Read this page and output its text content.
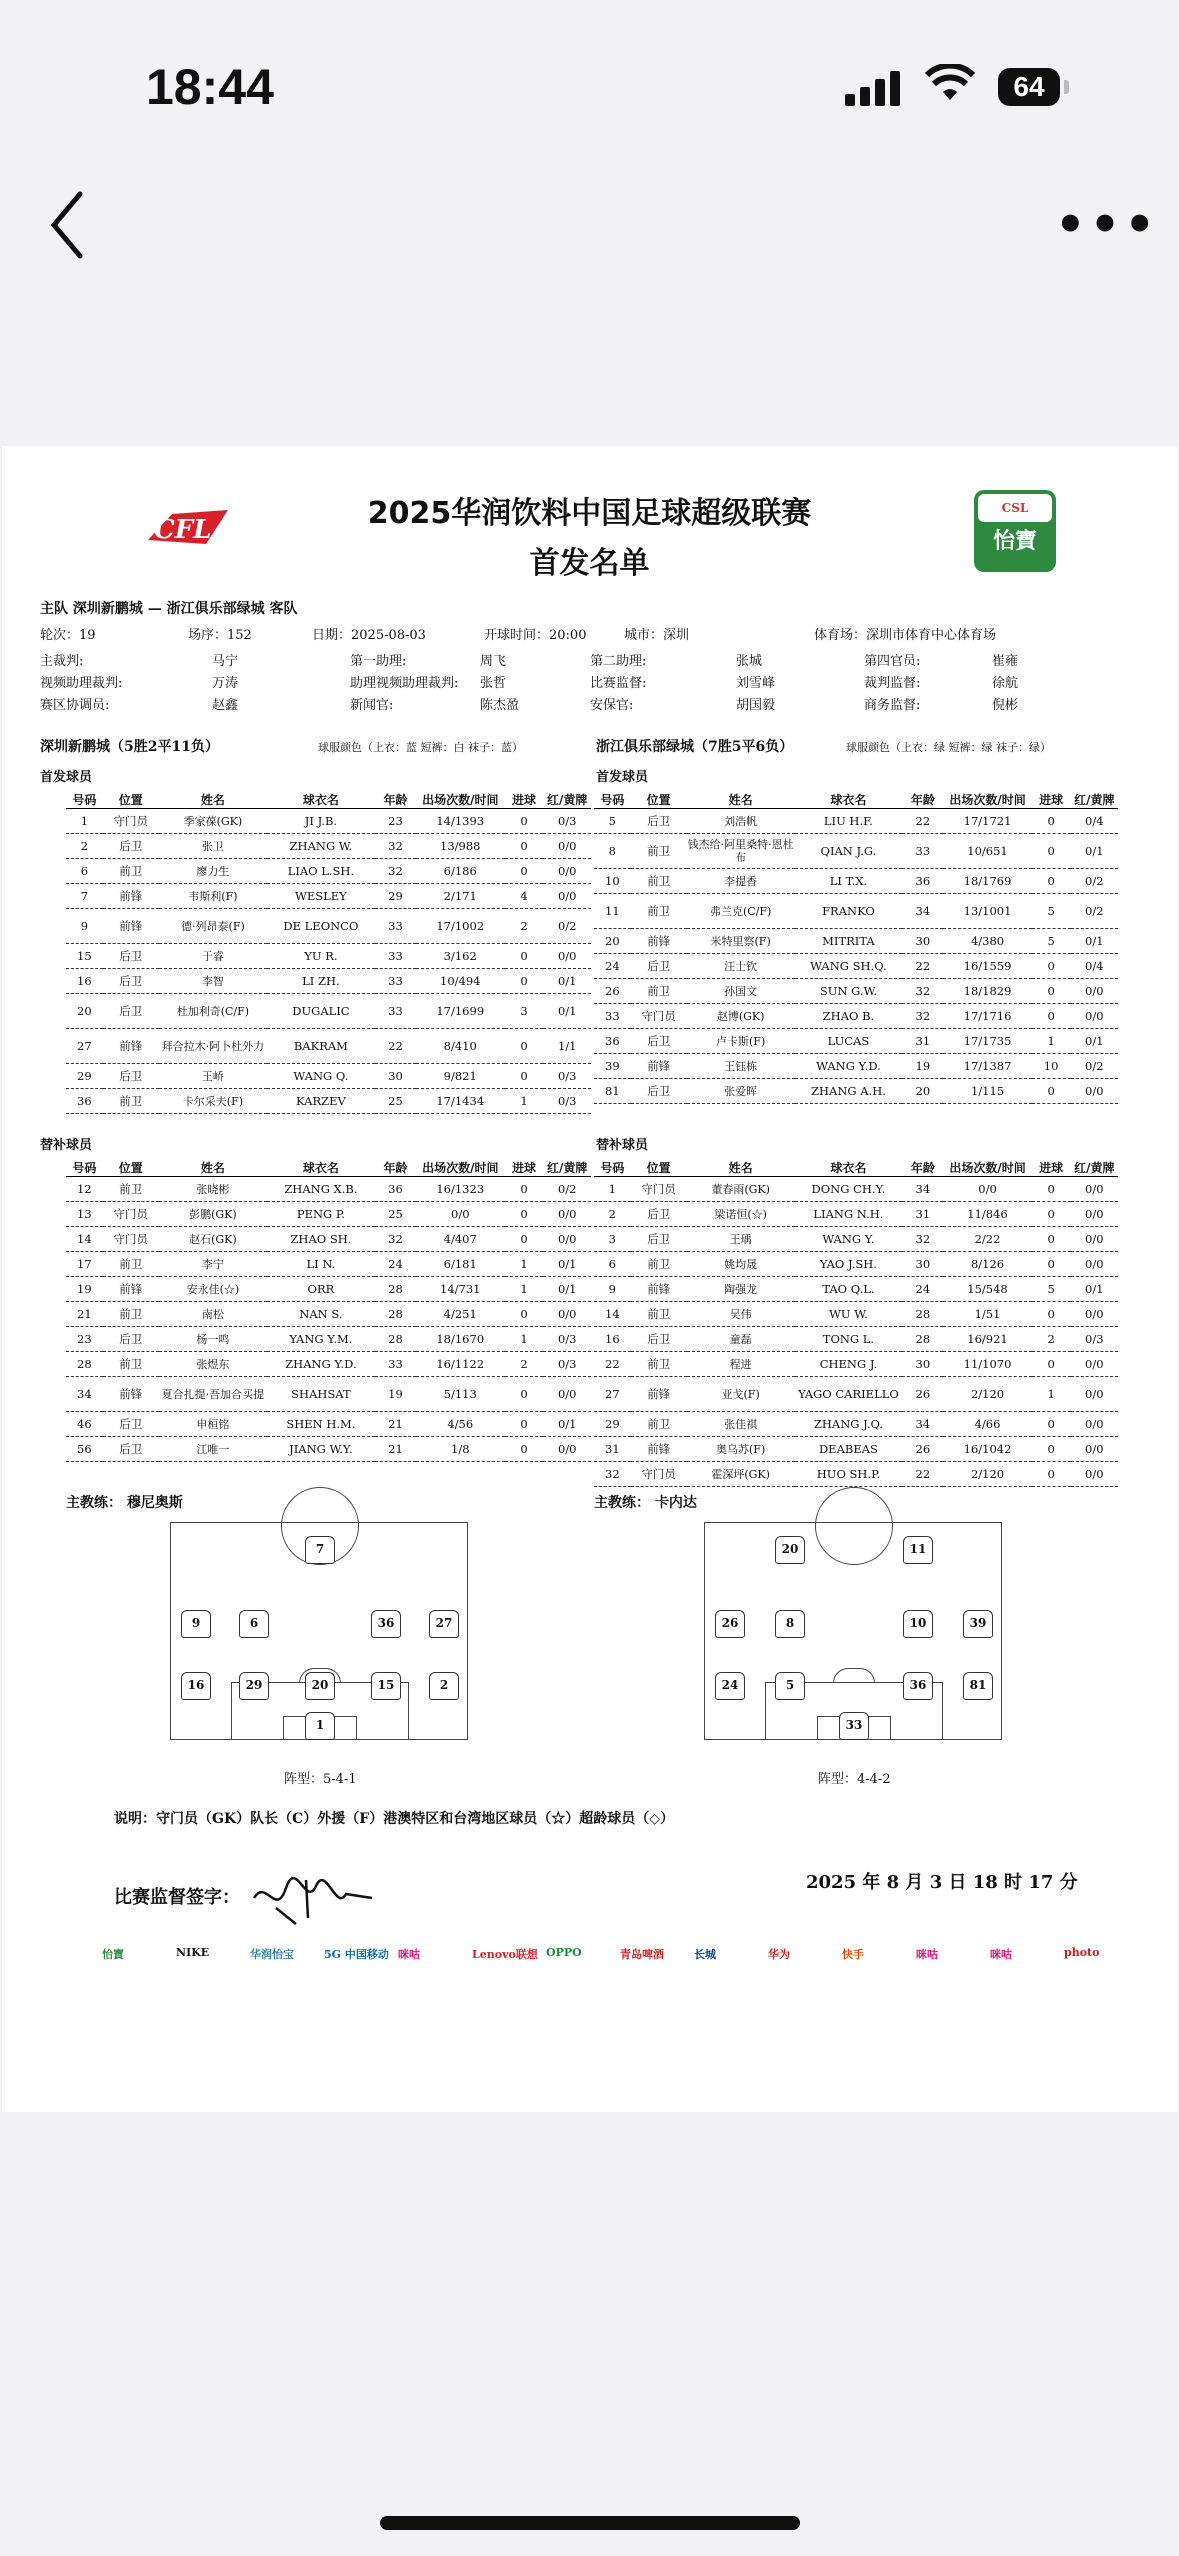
18:44	64
•••
CFL	2025华润饮料中国足球超级联赛
首发名单
CSL
怡寶
主队 深圳新鹏城 — 浙江俱乐部绿城 客队
轮次：19	场序：152	日期：2025-08-03	开球时间：20:00	城市：深圳	体育场：深圳市体育中心体育场
主裁判:	马宁	第一助理:	周飞	第二助理:	张城	第四官员:	崔雍
视频助理裁判:	万涛	助理视频助理裁判: 张哲	比赛监督:	刘雪峰	裁判监督:	徐航
赛区协调员:	赵鑫	新闻官:	陈杰盈	安保官:	胡国毅	商务监督:	倪彬
深圳新鹏城（5胜2平11负）	球服颜色（上衣：蓝 短裤：白 袜子：蓝）	浙江俱乐部绿城（7胜5平6负）	球服颜色（上衣：绿 短裤：绿 袜子：绿）
首发球员	首发球员
号码	位置	姓名	球衣名	年龄	出场次数/时间	进球	红/黄牌
1	守门员	季家葆(GK)	JI J.B.	23	14/1393	0	0/3
2	后卫	张卫	ZHANG W.	32	13/988	0	0/0
6	前卫	廖力生	LIAO L.SH.	32	6/186	0	0/0
7	前锋	韦斯利(F)	WESLEY	29	2/171	4	0/0
9	前锋	德·列昂泰(F)	DE LEONCO	33	17/1002	2	0/2
15	后卫	于睿	YU R.	33	3/162	0	0/0
16	后卫	李智	LI ZH.	33	10/494	0	0/1
20	后卫	杜加利奇(C/F)	DUGALIC	33	17/1699	3	0/1
27	前锋	拜合拉木·阿卜杜外力	BAKRAM	22	8/410	0	1/1
29	后卫	王峤	WANG Q.	30	9/821	0	0/3
36	前卫	卡尔采夫(F)	KARZEV	25	17/1434	1	0/3
号码	位置	姓名	球衣名	年龄	出场次数/时间	进球	红/黄牌
5	后卫	刘浩帆	LIU H.F.	22	17/1721	0	0/4
8	前卫	钱杰给·阿里桑特·恩杜布	QIAN J.G.	33	10/651	0	0/1
10	前卫	李提香	LI T.X.	36	18/1769	0	0/2
11	前卫	弗兰克(C/F)	FRANKO	34	13/1001	5	0/2
20	前锋	米特里察(F)	MITRITA	30	4/380	5	0/1
24	后卫	汪士钦	WANG SH.Q.	22	16/1559	0	0/4
26	前卫	孙国文	SUN G.W.	32	18/1829	0	0/0
33	守门员	赵博(GK)	ZHAO B.	32	17/1716	0	0/0
36	后卫	卢卡斯(F)	LUCAS	31	17/1735	1	0/1
39	前锋	王钰栋	WANG Y.D.	19	17/1387	10	0/2
81	后卫	张爱晖	ZHANG A.H.	20	1/115	0	0/0
替补球员	替补球员
号码	位置	姓名	球衣名	年龄	出场次数/时间	进球	红/黄牌
12	前卫	张晓彬	ZHANG X.B.	36	16/1323	0	0/2
13	守门员	彭鹏(GK)	PENG P.	25	0/0	0	0/0
14	守门员	赵石(GK)	ZHAO SH.	32	4/407	0	0/0
17	前卫	李宁	LI N.	24	6/181	1	0/1
19	前锋	安永佳(☆)	ORR	28	14/731	1	0/1
21	前卫	南松	NAN S.	28	4/251	0	0/0
23	后卫	杨一鸣	YANG Y.M.	28	18/1670	1	0/3
28	前卫	张煜东	ZHANG Y.D.	33	16/1122	2	0/3
34	前锋	夏合扎提·吾加合买提	SHAHSAT	19	5/113	0	0/0
46	后卫	申桓铭	SHEN H.M.	21	4/56	0	0/1
56	后卫	江唯一	JIANG W.Y.	21	1/8	0	0/0
号码	位置	姓名	球衣名	年龄	出场次数/时间	进球	红/黄牌
1	守门员	董春雨(GK)	DONG CH.Y.	34	0/0	0	0/0
2	后卫	梁诺恒(☆)	LIANG N.H.	31	11/846	0	0/0
3	后卫	王瑀	WANG Y.	32	2/22	0	0/0
6	前卫	姚均晟	YAO J.SH.	30	8/126	0	0/0
9	前锋	陶强龙	TAO Q.L.	24	15/548	5	0/1
14	前卫	吴伟	WU W.	28	1/51	0	0/0
16	后卫	童磊	TONG L.	28	16/921	2	0/3
22	前卫	程进	CHENG J.	30	11/1070	0	0/0
27	前锋	亚戈(F)	YAGO CARIELLO	26	2/120	1	0/0
29	前卫	张佳祺	ZHANG J.Q.	34	4/66	0	0/0
31	前锋	奥乌苏(F)	DEABEAS	26	16/1042	0	0/0
32	守门员	霍深坪(GK)	HUO SH.P.	22	2/120	0	0/0
主教练： 穆尼奥斯	主教练： 卡内达
7
9	6	36	27
16	29	20	15	2
1
20	11
26	8	10	39
24	5	36	81
33
阵型：5-4-1	阵型：4-4-2
说明：守门员（GK）队长（C）外援（F）港澳特区和台湾地区球员（☆）超龄球员（◇）
比赛监督签字：
2025 年 8 月 3 日 18 时 17 分
怡寶	NIKE	华润怡宝	5G 中国移动 咪咕	Lenovo联想 OPPO	青岛啤酒	长城	华为	快手	咪咕	咪咕	photo
